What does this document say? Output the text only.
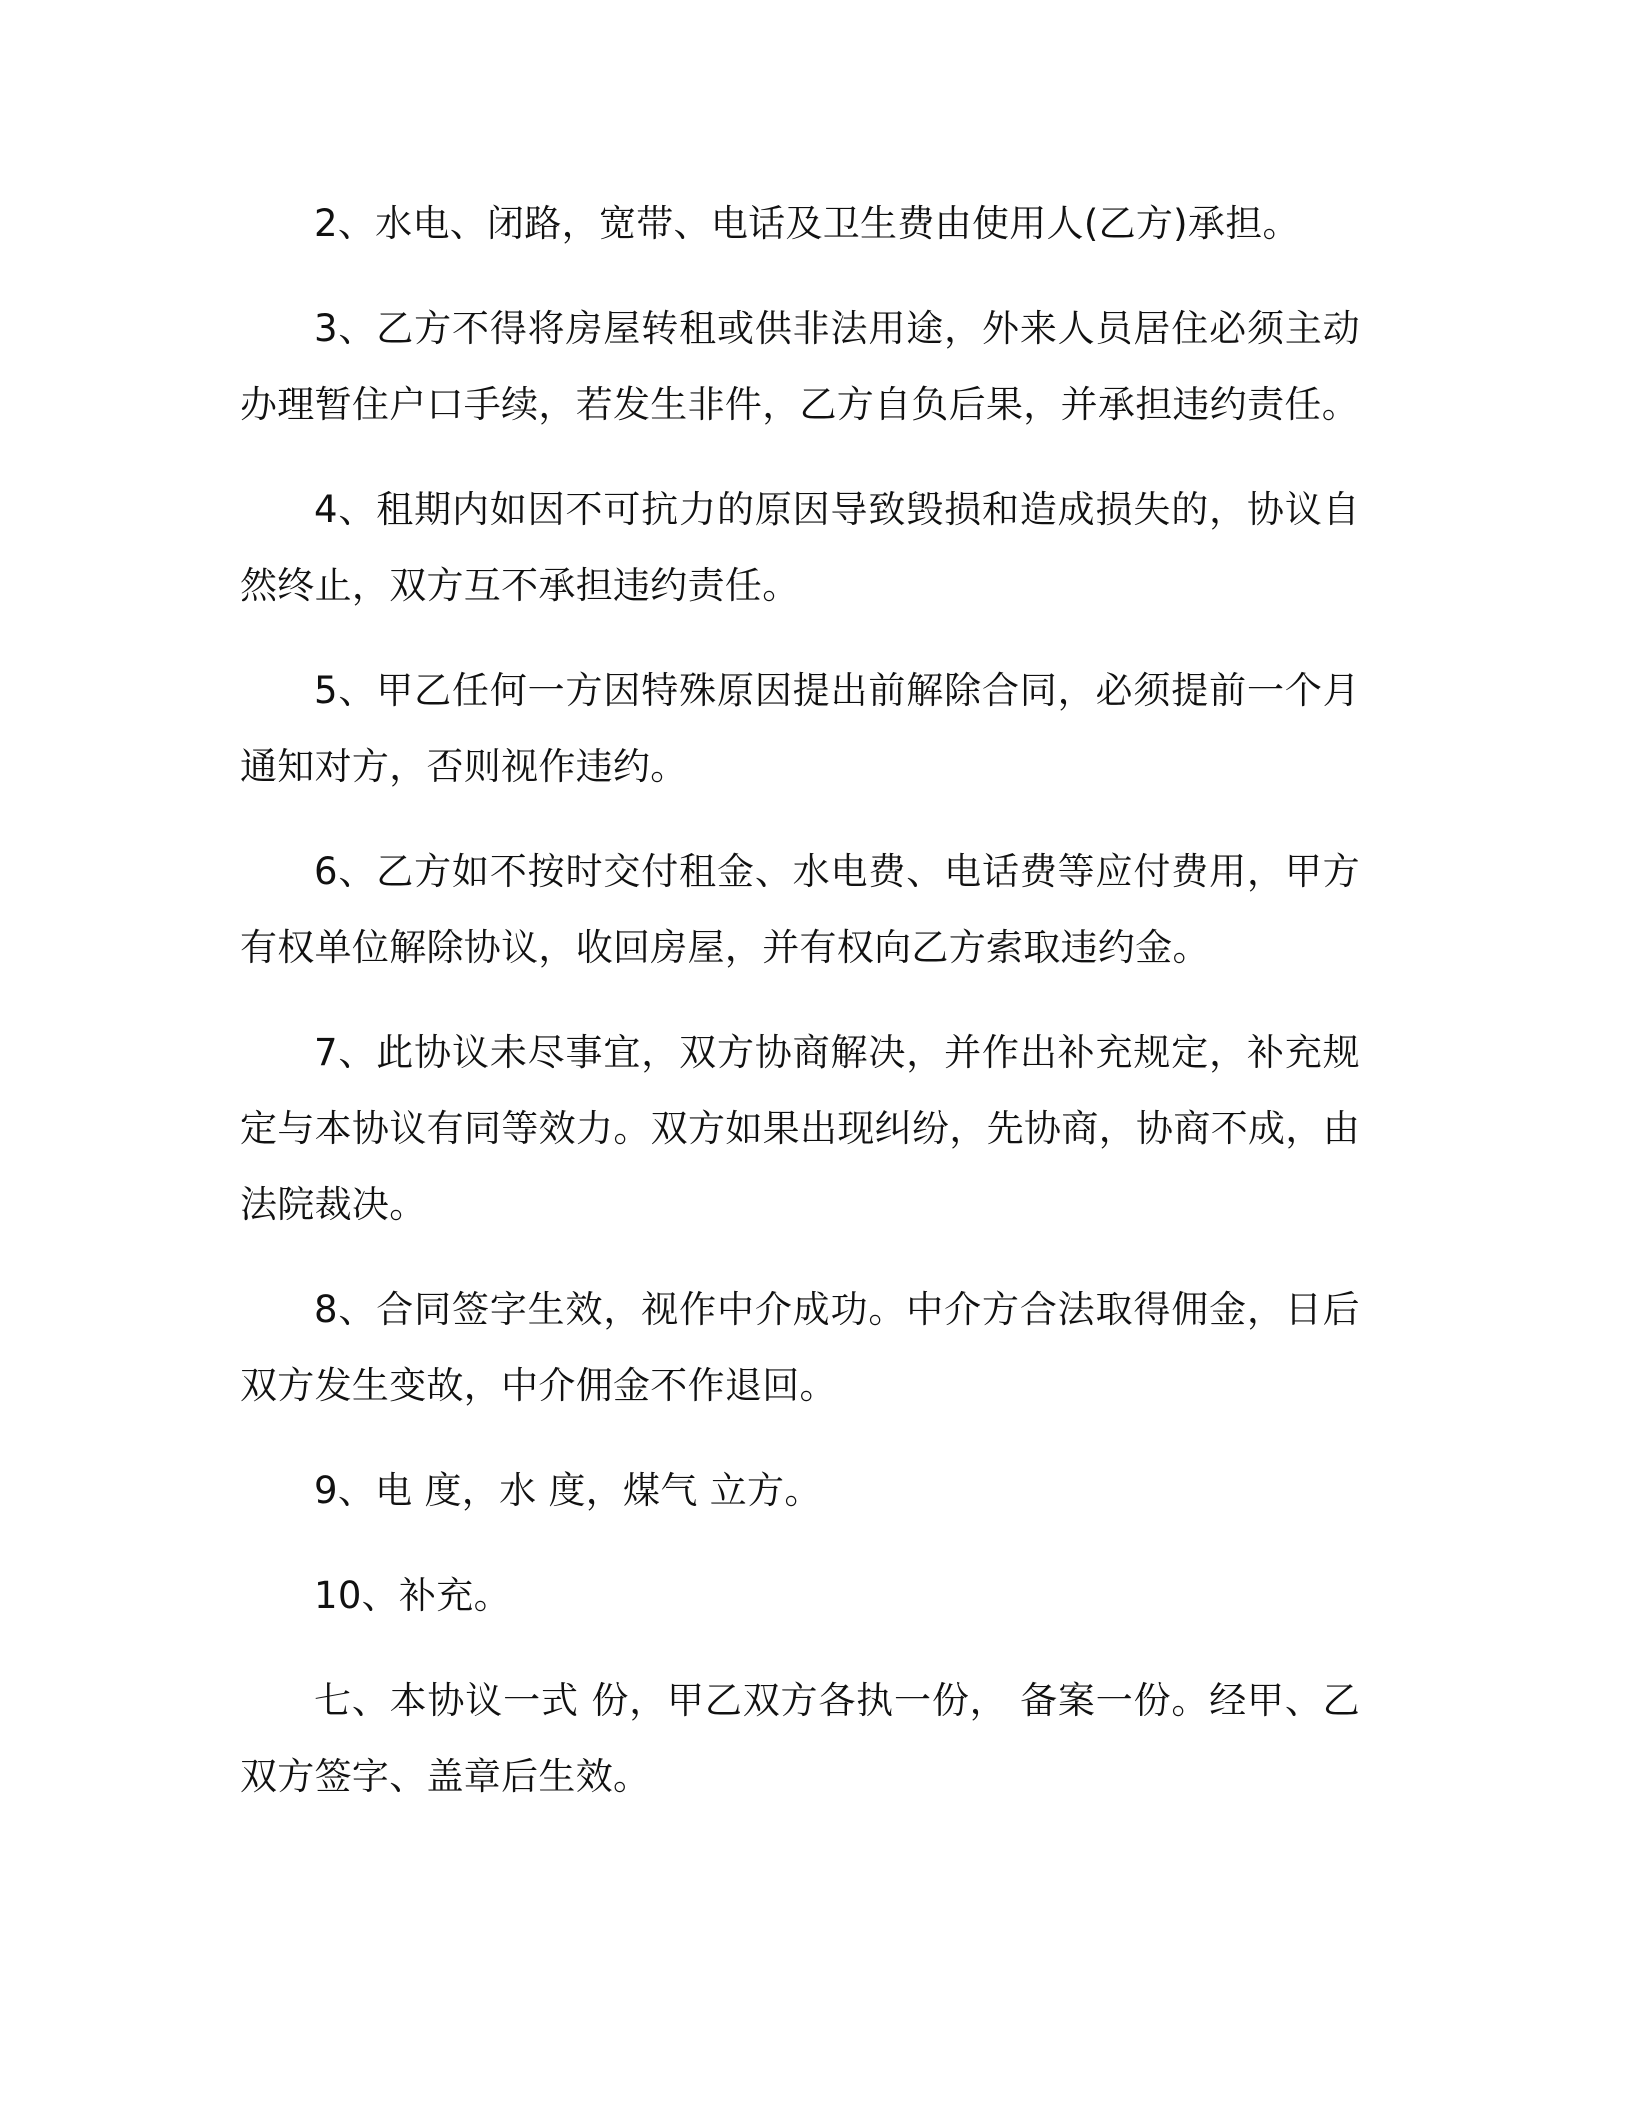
2、水电、闭路，宽带、电话及卫生费由使用人(乙方)承担。

3、乙方不得将房屋转租或供非法用途，外来人员居住必须主动办理暂住户口手续，若发生非件，乙方自负后果，并承担违约责任。

4、租期内如因不可抗力的原因导致毁损和造成损失的，协议自然终止，双方互不承担违约责任。

5、甲乙任何一方因特殊原因提出前解除合同，必须提前一个月通知对方，否则视作违约。

6、乙方如不按时交付租金、水电费、电话费等应付费用，甲方有权单位解除协议，收回房屋，并有权向乙方索取违约金。

7、此协议未尽事宜，双方协商解决，并作出补充规定，补充规定与本协议有同等效力。双方如果出现纠纷，先协商，协商不成，由法院裁决。

8、合同签字生效，视作中介成功。中介方合法取得佣金，日后双方发生变故，中介佣金不作退回。

9、电 度，水 度，煤气 立方。

10、补充。

七、本协议一式 份，甲乙双方各执一份， 备案一份。经甲、乙双方签字、盖章后生效。
